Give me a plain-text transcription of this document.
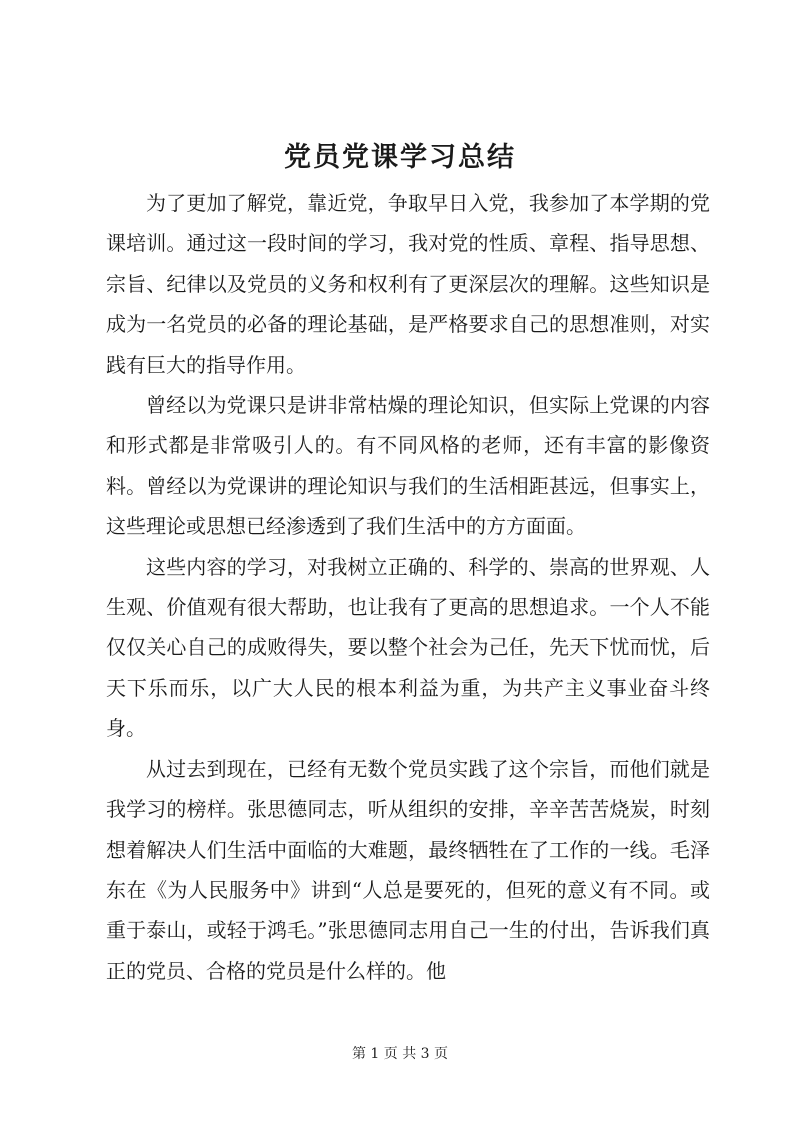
党员党课学习总结

为了更加了解党，靠近党，争取早日入党，我参加了本学期的党课培训。通过这一段时间的学习，我对党的性质、章程、指导思想、宗旨、纪律以及党员的义务和权利有了更深层次的理解。这些知识是成为一名党员的必备的理论基础，是严格要求自己的思想准则，对实践有巨大的指导作用。

曾经以为党课只是讲非常枯燥的理论知识，但实际上党课的内容和形式都是非常吸引人的。有不同风格的老师，还有丰富的影像资料。曾经以为党课讲的理论知识与我们的生活相距甚远，但事实上，这些理论或思想已经渗透到了我们生活中的方方面面。

这些内容的学习，对我树立正确的、科学的、崇高的世界观、人生观、价值观有很大帮助，也让我有了更高的思想追求。一个人不能仅仅关心自己的成败得失，要以整个社会为己任，先天下忧而忧，后天下乐而乐，以广大人民的根本利益为重，为共产主义事业奋斗终身。

从过去到现在，已经有无数个党员实践了这个宗旨，而他们就是我学习的榜样。张思德同志，听从组织的安排，辛辛苦苦烧炭，时刻想着解决人们生活中面临的大难题，最终牺牲在了工作的一线。毛泽东在《为人民服务中》讲到“人总是要死的，但死的意义有不同。或重于泰山，或轻于鸿毛。”张思德同志用自己一生的付出，告诉我们真正的党员、合格的党员是什么样的。他

第 1 页 共 3 页
